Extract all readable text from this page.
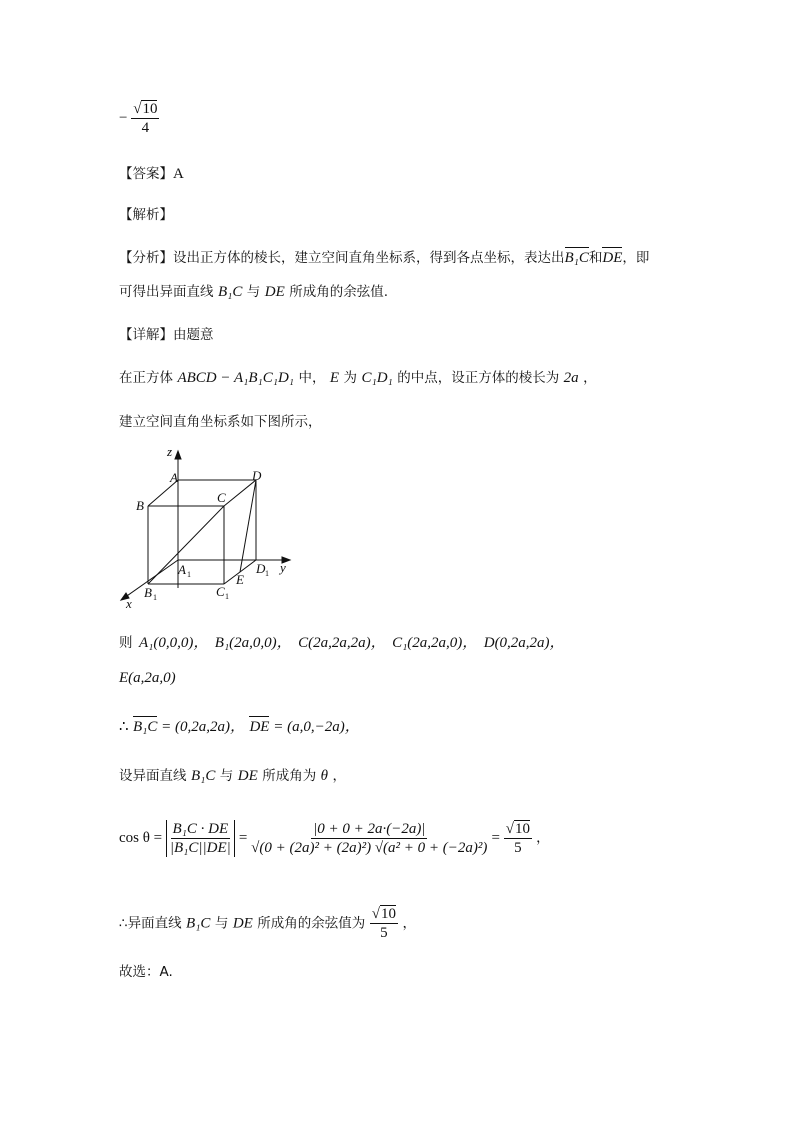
− $\frac{√10}{4}$
【答案】A
【解析】
【分析】设出正方体的棱长，建立空间直角坐标系，得到各点坐标，表达出B₁C和DE，即
可得出异面直线 B₁C 与 DE 所成角的余弦值.
【详解】由题意
在正方体 ABCD − A₁B₁C₁D₁ 中， E 为 C₁D₁ 的中点，设正方体的棱长为 2a ，
建立空间直角坐标系如下图所示，
z
A	D
B
C
A	D
E
B	C
x
y
1	1
1	1
则 A₁(0,0,0)， B₁(2a,0,0)， C(2a,2a,2a)， C₁(2a,2a,0)， D(0,2a,2a)，
E(a,2a,0)
∴ B₁C = (0,2a,2a)， DE = (a,0,−2a)，
设异面直线 B₁C 与 DE 所成角为 θ ，
$\cos \theta = \frac{\text{B₁C · DE}}{\text{|B₁C||DE|}} = \frac{|0 + 0 + 2a\cdot(-2a)|}{\text{√(0 + (2a)² + (2a)²) √(a² + 0 + (−2a)²)}} = \frac{√10}{5}$ ，
∴异面直线 B₁C 与 DE 所成角的余弦值为 $\frac{√10}{5}$ ，
故选：A.
